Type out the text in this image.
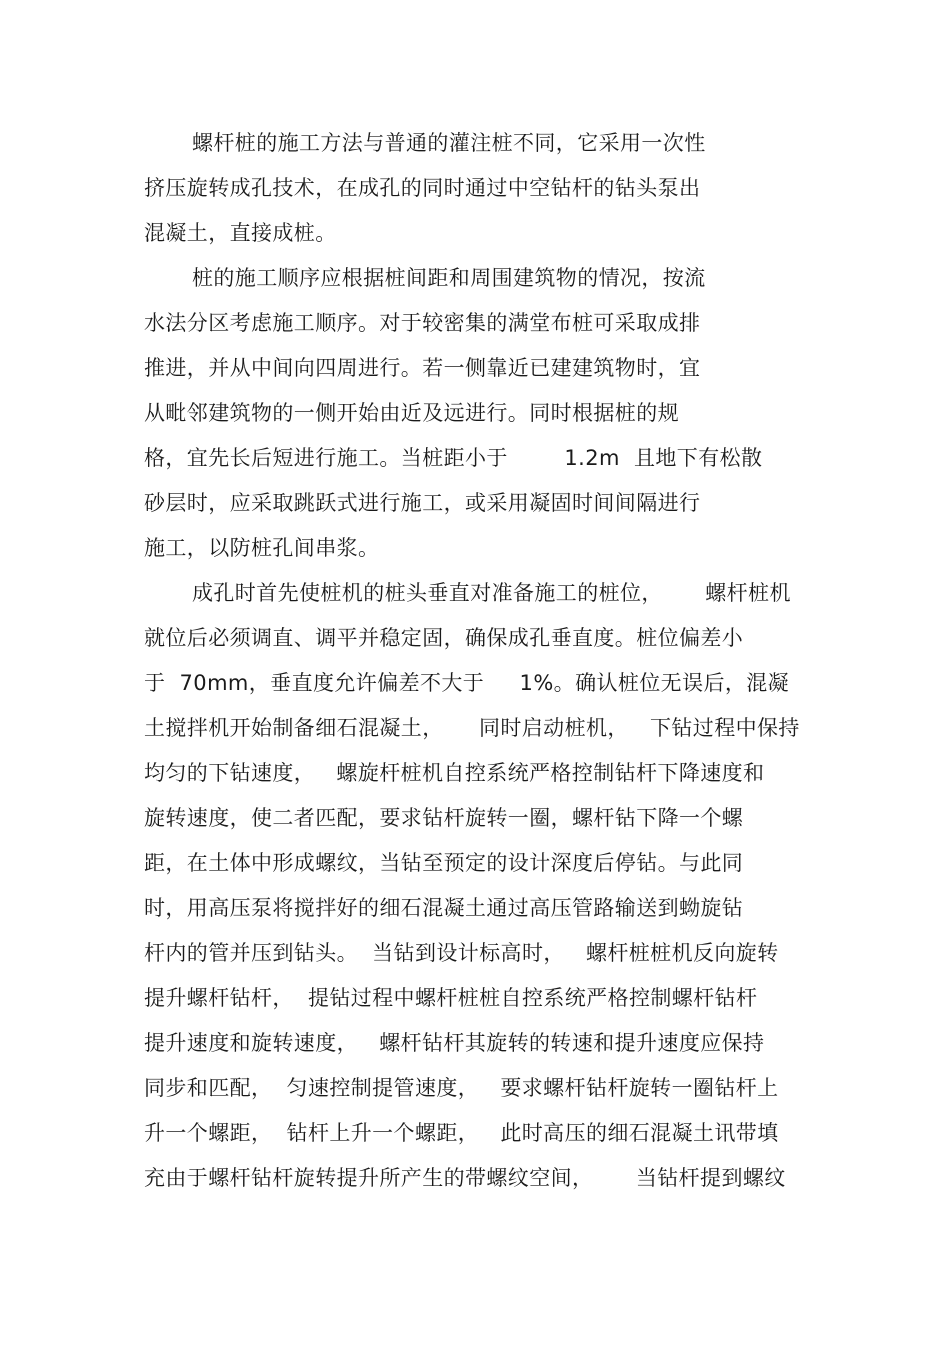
螺杆桩的施工方法与普通的灌注桩不同，它采用一次性
挤压旋转成孔技术，在成孔的同时通过中空钻杆的钻头泵出
混凝土，直接成桩。
桩的施工顺序应根据桩间距和周围建筑物的情况，按流
水法分区考虑施工顺序。对于较密集的满堂布桩可采取成排
推进，并从中间向四周进行。若一侧靠近已建建筑物时，宜
从毗邻建筑物的一侧开始由近及远进行。同时根据桩的规
格，宜先长后短进行施工。当桩距小于        1.2m  且地下有松散
砂层时，应采取跳跃式进行施工，或采用凝固时间间隔进行
施工，以防桩孔间串浆。
成孔时首先使桩机的桩头垂直对准备施工的桩位，      螺杆桩机
就位后必须调直、调平并稳定固，确保成孔垂直度。桩位偏差小
于  70mm，垂直度允许偏差不大于     1%。确认桩位无误后，混凝
土搅拌机开始制备细石混凝土，     同时启动桩机，   下钻过程中保持
均匀的下钻速度，   螺旋杆桩机自控系统严格控制钻杆下降速度和
旋转速度，使二者匹配，要求钻杆旋转一圈，螺杆钻下降一个螺
距，在土体中形成螺纹，当钻至预定的设计深度后停钻。与此同
时，用高压泵将搅拌好的细石混凝土通过高压管路输送到蚴旋钻
杆内的管并压到钻头。  当钻到设计标高时，   螺杆桩桩机反向旋转
提升螺杆钻杆，  提钻过程中螺杆桩桩自控系统严格控制螺杆钻杆
提升速度和旋转速度，   螺杆钻杆其旋转的转速和提升速度应保持
同步和匹配，  匀速控制提管速度，   要求螺杆钻杆旋转一圈钻杆上
升一个螺距，  钻杆上升一个螺距，   此时高压的细石混凝土讯带填
充由于螺杆钻杆旋转提升所产生的带螺纹空间，      当钻杆提到螺纹
